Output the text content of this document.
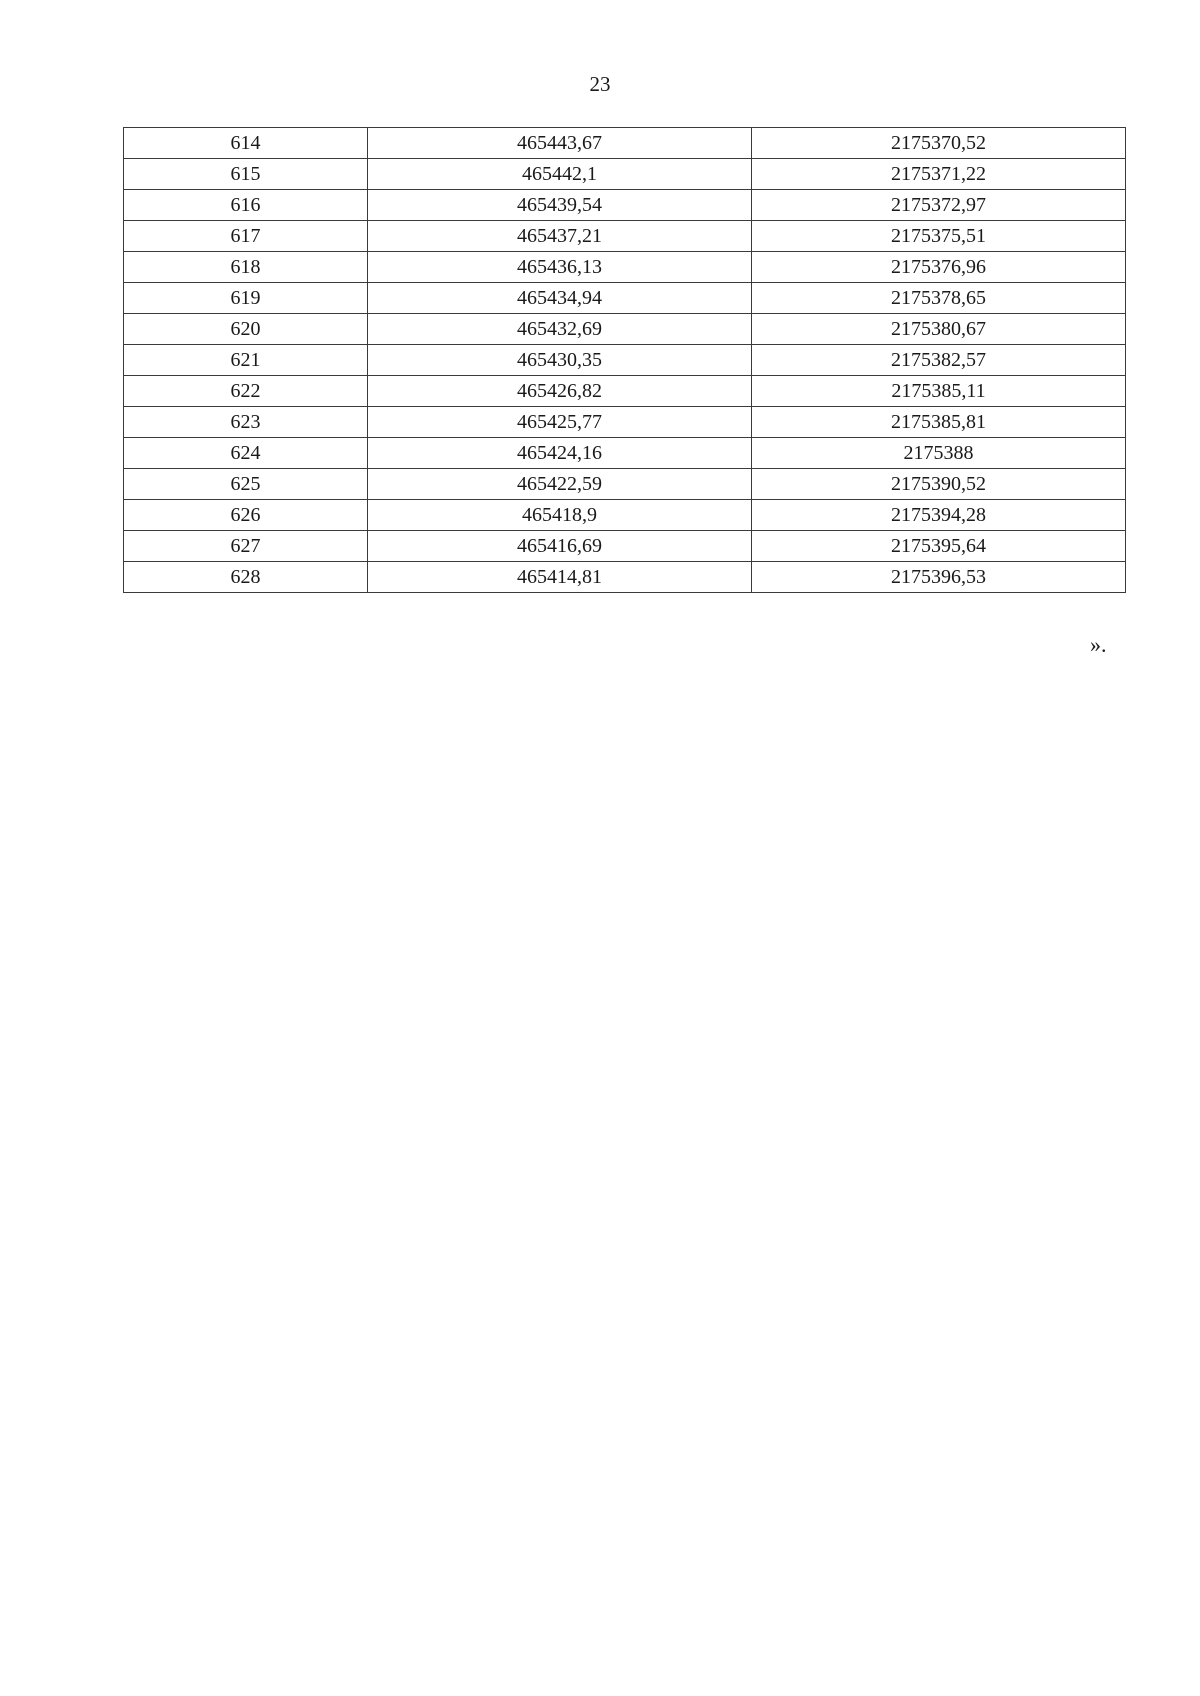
23
614	465443,67	2175370,52
615	465442,1	2175371,22
616	465439,54	2175372,97
617	465437,21	2175375,51
618	465436,13	2175376,96
619	465434,94	2175378,65
620	465432,69	2175380,67
621	465430,35	2175382,57
622	465426,82	2175385,11
623	465425,77	2175385,81
624	465424,16	2175388
625	465422,59	2175390,52
626	465418,9	2175394,28
627	465416,69	2175395,64
628	465414,81	2175396,53
».
